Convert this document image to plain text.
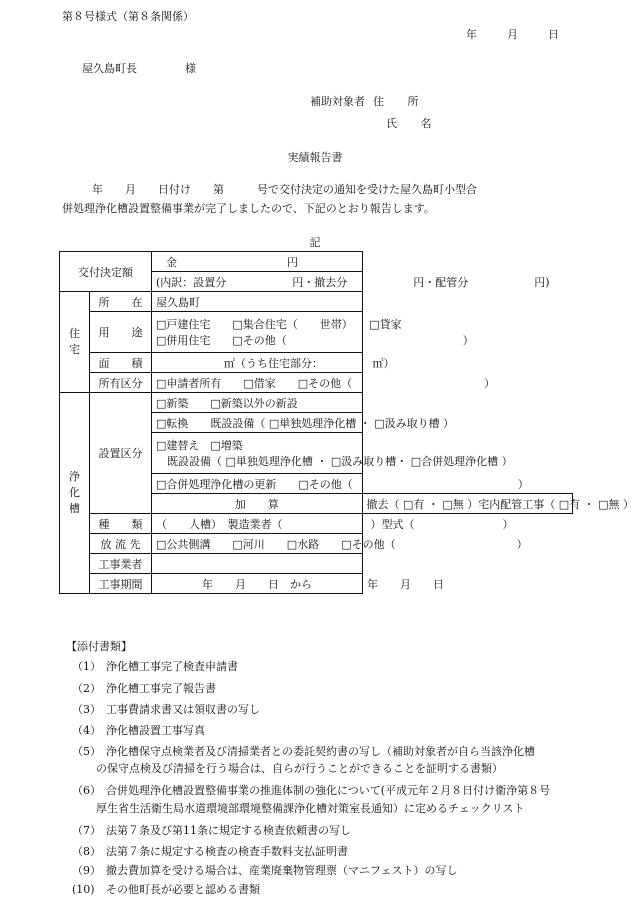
第８号様式（第８条関係）
年	月	日
屋久島町長	様
補助対象者 住 所
氏 名
実績報告書
年　　月　　日付け　　第　　　号で交付決定の通知を受けた屋久島町小型合
併処理浄化槽設置整備事業が完了しましたので、下記のとおり報告します。
記
交付決定額		金　　　　　　　　　　円	
		(内訳：設置分　　　　　　円・撤去分　　　　　　円・配管分　　　　　　円)	
住宅	所　　在	屋久島町	
	用　　途	□戸建住宅　　□集合住宅（　　世帯）　　□貸家
□併用住宅　　□その他（　　　　　　　　　　　　　　　　）	

	面　　積	㎡（うち住宅部分：　　　　　㎡）	
	所有区分	□申請者所有　　□借家　　□その他（　　　　　　　　　　　　）	
浄化槽	設置区分	□新築　　□新築以外の新設	
		□転換　　既設設備（ □単独処理浄化槽 ・ □汲み取り槽 ）	

		□建替え　□増築
　既設設備（ □単独処理浄化槽 ・ □汲み取り槽・ □合併処理浄化槽 ）	

		□合併処理浄化槽の更新　　□その他（　　　　　　　　　　　　　　　）	
		加　　算	撤去（ □有 ・ □無 ）宅内配管工事（ □有 ・ □無 ）
	種　　類	（　　人槽）　製造業者（　　　　　　　　）型式（　　　　　　　　）	
	放 流 先	□公共側溝　　□河川　　□水路　　□その他（　　　　　　　　　　　）	
	工事業者		
	工事期間	年　　月　　日　から　　　　　年　　月　　日	
【添付書類】
（1） 浄化槽工事完了検査申請書
（2） 浄化槽工事完了報告書
（3） 工事費請求書又は領収書の写し
（4） 浄化槽設置工事写真
（5） 浄化槽保守点検業者及び清掃業者との委託契約書の写し（補助対象者が自ら当該浄化槽
の保守点検及び清掃を行う場合は、自らが行うことができることを証明する書類）
（6） 合併処理浄化槽設置整備事業の推進体制の強化について(平成元年２月８日付け衛浄第８号
厚生省生活衛生局水道環境部環境整備課浄化槽対策室長通知）に定めるチェックリスト
（7） 法第７条及び第11条に規定する検査依頼書の写し
（8） 法第７条に規定する検査の検査手数料支払証明書
（9） 撤去費加算を受ける場合は、産業廃棄物管理票（マニフェスト）の写し
(10) その他町長が必要と認める書類
